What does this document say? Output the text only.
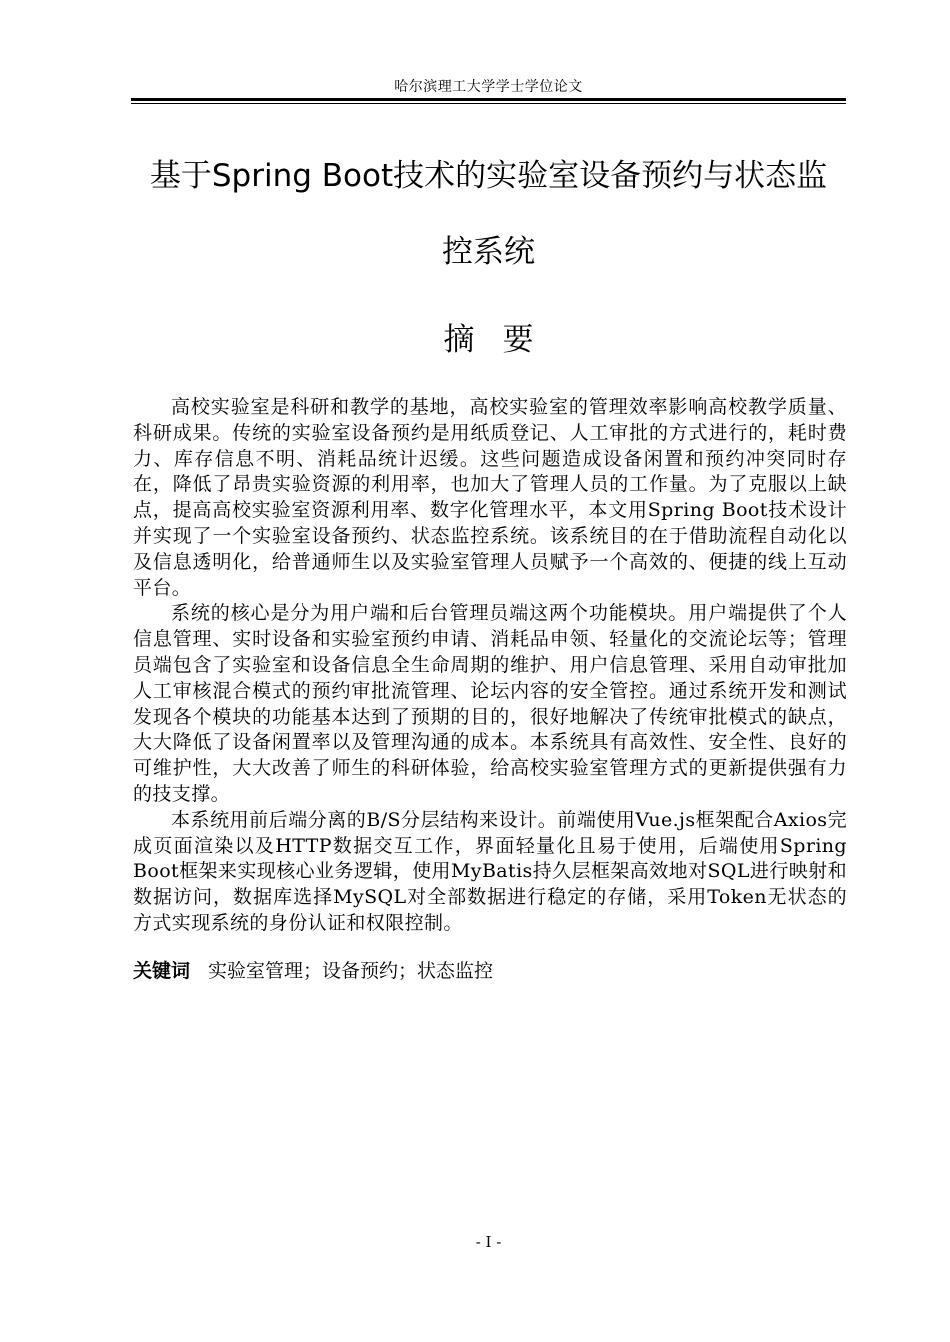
哈尔滨理工大学学士学位论文
基于Spring Boot技术的实验室设备预约与状态监
控系统
摘要

高校实验室是科研和教学的基地，高校实验室的管理效率影响高校教学质量、科研成果。传统的实验室设备预约是用纸质登记、人工审批的方式进行的，耗时费力、库存信息不明、消耗品统计迟缓。这些问题造成设备闲置和预约冲突同时存在，降低了昂贵实验资源的利用率，也加大了管理人员的工作量。为了克服以上缺点，提高高校实验室资源利用率、数字化管理水平，本文用Spring Boot技术设计并实现了一个实验室设备预约、状态监控系统。该系统目的在于借助流程自动化以及信息透明化，给普通师生以及实验室管理人员赋予一个高效的、便捷的线上互动平台。

系统的核心是分为用户端和后台管理员端这两个功能模块。用户端提供了个人信息管理、实时设备和实验室预约申请、消耗品申领、轻量化的交流论坛等；管理员端包含了实验室和设备信息全生命周期的维护、用户信息管理、采用自动审批加人工审核混合模式的预约审批流管理、论坛内容的安全管控。通过系统开发和测试发现各个模块的功能基本达到了预期的目的，很好地解决了传统审批模式的缺点，大大降低了设备闲置率以及管理沟通的成本。本系统具有高效性、安全性、良好的可维护性，大大改善了师生的科研体验，给高校实验室管理方式的更新提供强有力的技支撑。

本系统用前后端分离的B/S分层结构来设计。前端使用Vue.js框架配合Axios完成页面渲染以及HTTP数据交互工作，界面轻量化且易于使用，后端使用Spring Boot框架来实现核心业务逻辑，使用MyBatis持久层框架高效地对SQL进行映射和数据访问，数据库选择MySQL对全部数据进行稳定的存储，采用Token无状态的方式实现系统的身份认证和权限控制。

关键词 实验室管理；设备预约；状态监控
- I -
